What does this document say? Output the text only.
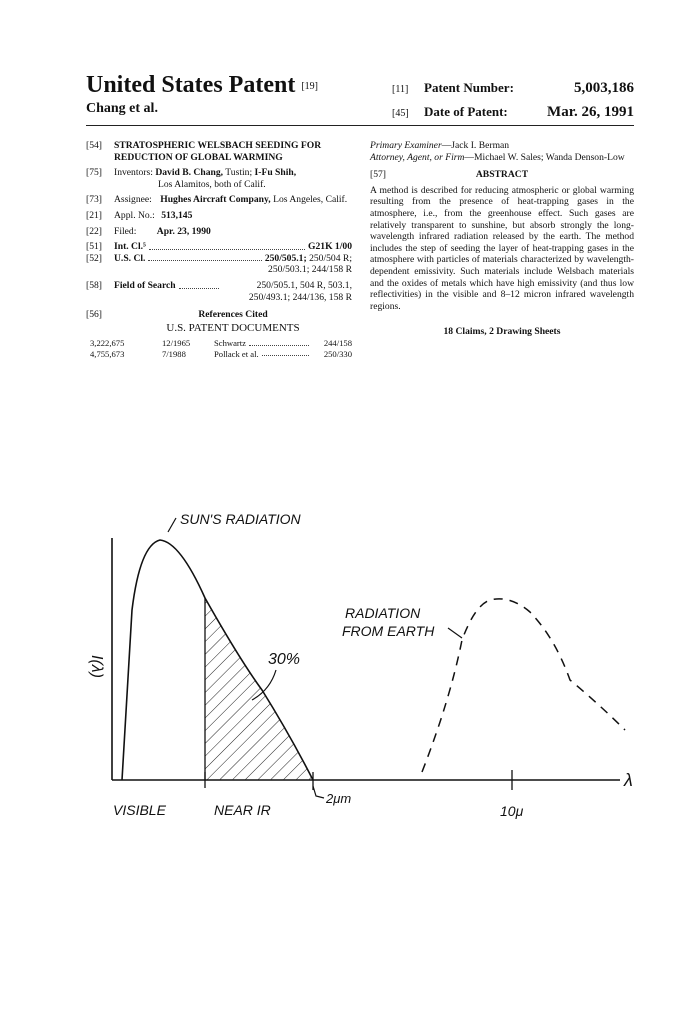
United States Patent [19]
Chang et al.
[11]	Patent Number:	5,003,186
[45]	Date of Patent:	Mar. 26, 1991
[54]	STRATOSPHERIC WELSBACH SEEDING FOR REDUCTION OF GLOBAL WARMING
[75]	Inventors: David B. Chang, Tustin; I-Fu Shih,
Los Alamitos, both of Calif.
[73]	Assignee: Hughes Aircraft Company, Los Angeles, Calif.
[21]	Appl. No.: 513,145
[22]	Filed: Apr. 23, 1990
[51]	Int. Cl.⁵	G21K 1/00
[52]	U.S. Cl.	250/505.1;
250/504 R;
250/503.1; 244/158 R
[58]	Field of Search	250/505.1, 504 R, 503.1,
250/493.1; 244/136, 158 R
[56]	References Cited
U.S. PATENT DOCUMENTS
3,222,675	12/1965	Schwartz	244/158
4,755,673	7/1988	Pollack et al.	250/330
Primary Examiner—Jack I. Berman
Attorney, Agent, or Firm—Michael W. Sales; Wanda Denson-Low
[57]	ABSTRACT
A method is described for reducing atmospheric or global warming resulting from the presence of heat-trapping gases in the atmosphere, i.e., from the greenhouse effect. Such gases are relatively transparent to sunshine, but absorb strongly the long-wavelength infrared radiation released by the earth. The method includes the step of seeding the layer of heat-trapping gases in the atmosphere with particles of materials characterized by wavelength-dependent emissivity. Such materials include Welsbach materials and the oxides of metals which have high emissivity (and thus low reflectivities) in the visible and 8–12 micron infrared wavelength regions.
18 Claims, 2 Drawing Sheets
SUN'S RADIATION
RADIATION
FROM EARTH
30%
I(λ)
λ
VISIBLE	NEAR IR
2μm
10μ
